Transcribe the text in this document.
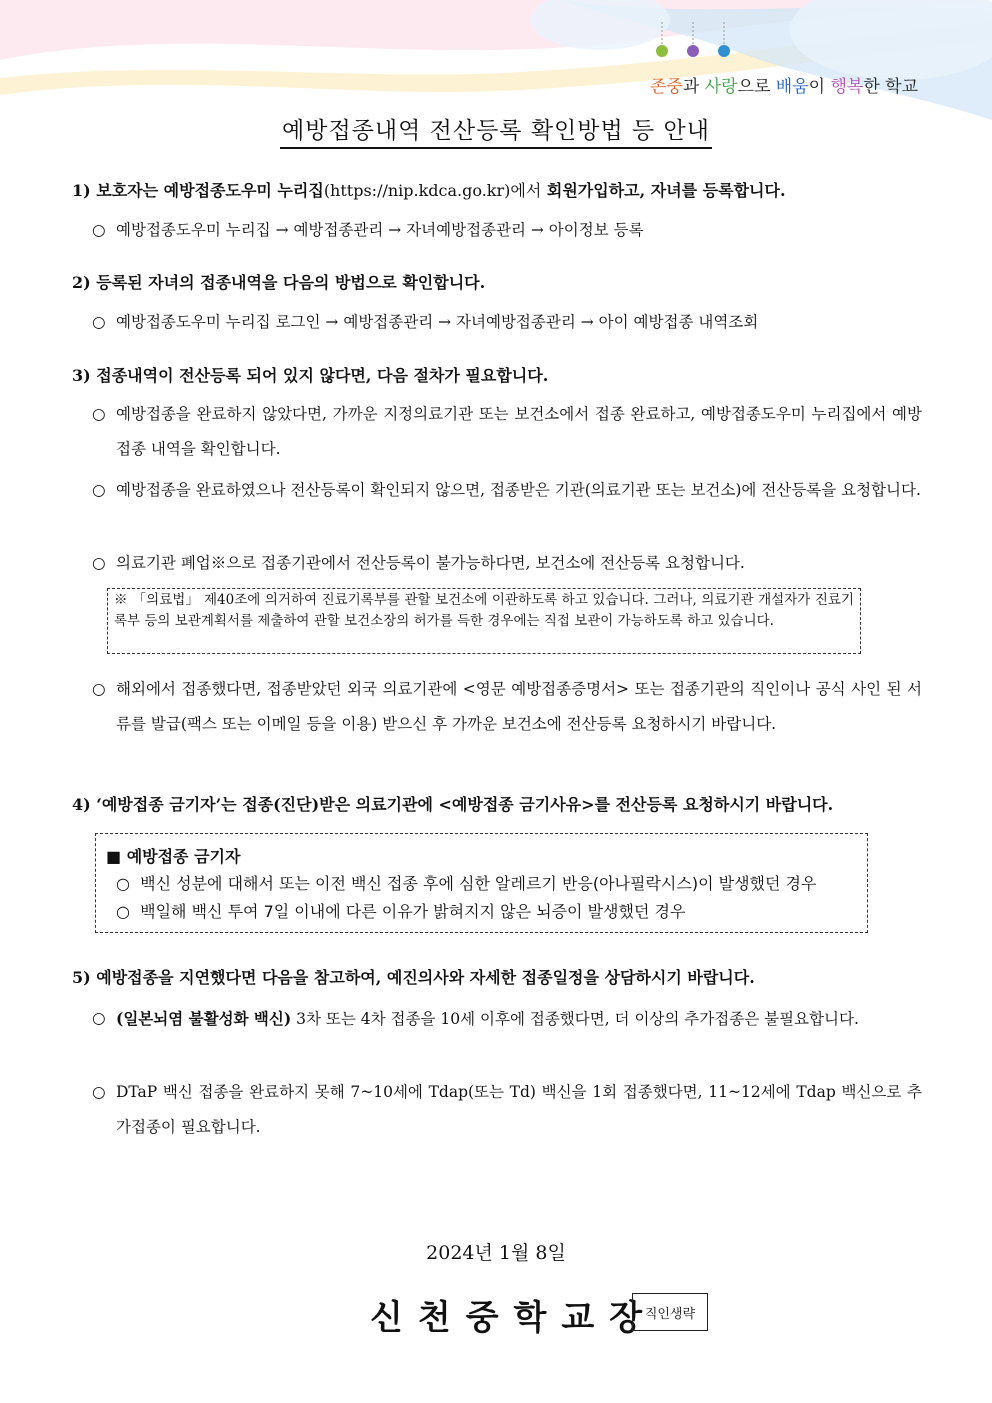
존중과 사랑으로 배움이 행복한 학교
예방접종내역 전산등록 확인방법 등 안내
1) 보호자는 예방접종도우미 누리집(https://nip.kdca.go.kr)에서 회원가입하고, 자녀를 등록합니다.
○ 예방접종도우미 누리집 → 예방접종관리 → 자녀예방접종관리 → 아이정보 등록
2) 등록된 자녀의 접종내역을 다음의 방법으로 확인합니다.
○ 예방접종도우미 누리집 로그인 → 예방접종관리 → 자녀예방접종관리 → 아이 예방접종 내역조회
3) 접종내역이 전산등록 되어 있지 않다면, 다음 절차가 필요합니다.
○ 예방접종을 완료하지 않았다면, 가까운 지정의료기관 또는 보건소에서 접종 완료하고, 예방접종도우미 누리집에서 예방접종 내역을 확인합니다.
○ 예방접종을 완료하였으나 전산등록이 확인되지 않으면, 접종받은 기관(의료기관 또는 보건소)에 전산등록을 요청합니다.
○ 의료기관 폐업※으로 접종기관에서 전산등록이 불가능하다면, 보건소에 전산등록 요청합니다.
※ 「의료법」 제40조에 의거하여 진료기록부를 관할 보건소에 이관하도록 하고 있습니다. 그러나, 의료기관 개설자가 진료기록부 등의 보관계획서를 제출하여 관할 보건소장의 허가를 득한 경우에는 직접 보관이 가능하도록 하고 있습니다.
○ 해외에서 접종했다면, 접종받았던 외국 의료기관에 <영문 예방접종증명서> 또는 접종기관의 직인이나 공식 사인 된 서류를 발급(팩스 또는 이메일 등을 이용) 받으신 후 가까운 보건소에 전산등록 요청하시기 바랍니다.
4) ‘예방접종 금기자’는 접종(진단)받은 의료기관에 <예방접종 금기사유>를 전산등록 요청하시기 바랍니다.
■ 예방접종 금기자
○ 백신 성분에 대해서 또는 이전 백신 접종 후에 심한 알레르기 반응(아나필락시스)이 발생했던 경우
○ 백일해 백신 투여 7일 이내에 다른 이유가 밝혀지지 않은 뇌증이 발생했던 경우
5) 예방접종을 지연했다면 다음을 참고하여, 예진의사와 자세한 접종일정을 상담하시기 바랍니다.
○ (일본뇌염 불활성화 백신) 3차 또는 4차 접종을 10세 이후에 접종했다면, 더 이상의 추가접종은 불필요합니다.
○ DTaP 백신 접종을 완료하지 못해 7~10세에 Tdap(또는 Td) 백신을 1회 접종했다면, 11~12세에 Tdap 백신으로 추가접종이 필요합니다.
2024년 1월 8일
신천중학교장
직인생략
